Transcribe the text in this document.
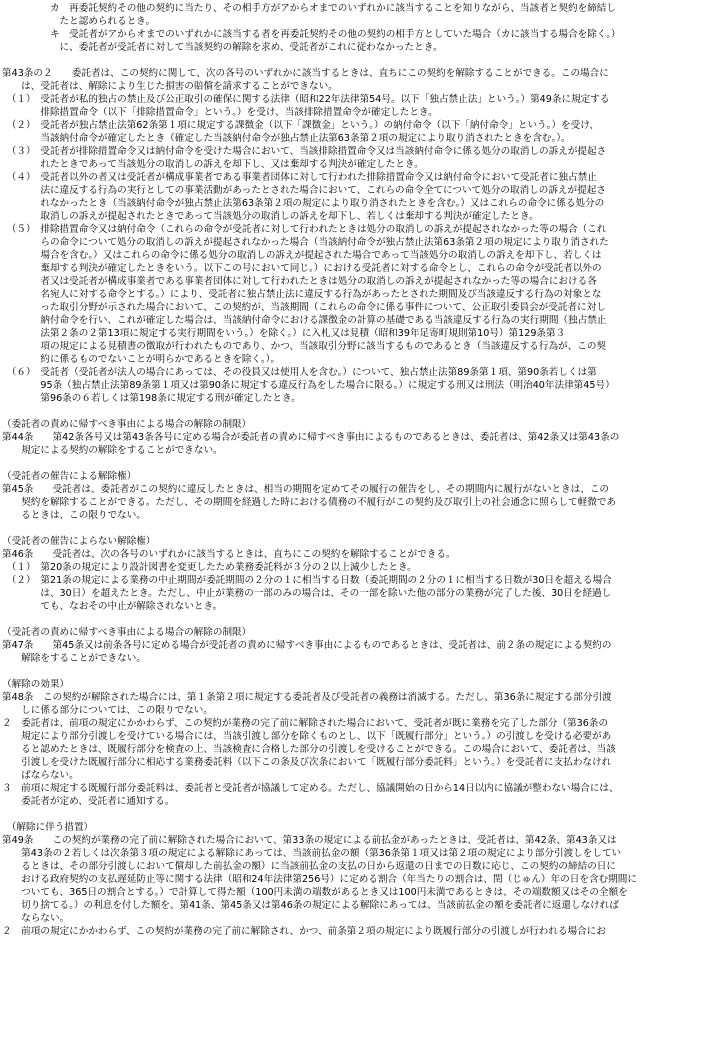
　　　　　カ　再委託契約その他の契約に当たり、その相手方がアからオまでのいずれかに該当することを知りながら、当該者と契約を締結し
　　　　　　たと認められるとき。
　　　　　キ　受託者がアからオまでのいずれかに該当する者を再委託契約その他の契約の相手方としていた場合（カに該当する場合を除く。）
　　　　　　に、委託者が受託者に対して当該契約の解除を求め、受託者がこれに従わなかったとき。
第43条の２　　委託者は、この契約に関して、次の各号のいずれかに該当するときは、直ちにこの契約を解除することができる。この場合に
　　は、受託者は、解除により生じた損害の賠償を請求することができない。
　（１）　受託者が私的独占の禁止及び公正取引の確保に関する法律（昭和22年法律第54号。以下「独占禁止法」という。）第49条に規定する
　　　　排除措置命令（以下「排除措置命令」という。）を受け、当該排除措置命令が確定したとき。
　（２）　受託者が独占禁止法第62条第１項に規定する課徴金（以下「課徴金」という。）の納付命令（以下「納付命令」という。）を受け、
　　　　当該納付命令が確定したとき（確定した当該納付命令が独占禁止法第63条第２項の規定により取り消されたときを含む。）。
　（３）　受託者が排除措置命令又は納付命令を受けた場合において、当該排除措置命令又は当該納付命令に係る処分の取消しの訴えが提起さ
　　　　れたときであって当該処分の取消しの訴えを却下し、又は棄却する判決が確定したとき。
　（４）　受託者以外の者又は受託者が構成事業者である事業者団体に対して行われた排除措置命令又は納付命令において受託者に独占禁止
　　　　法に違反する行為の実行としての事業活動があったとされた場合において、これらの命令全てについて処分の取消しの訴えが提起さ
　　　　れなかったとき（当該納付命令が独占禁止法第63条第２項の規定により取り消されたときを含む。）又はこれらの命令に係る処分の
　　　　取消しの訴えが提起されたときであって当該処分の取消しの訴えを却下し、若しくは棄却する判決が確定したとき。
　（５）　排除措置命令又は納付命令（これらの命令が受託者に対して行われたときは処分の取消しの訴えが提起されなかった等の場合（これ
　　　　らの命令について処分の取消しの訴えが提起されなかった場合（当該納付命令が独占禁止法第63条第２項の規定により取り消された
　　　　場合を含む。）又はこれらの命令に係る処分の取消しの訴えが提起された場合であって当該処分の取消しの訴えを却下し、若しくは
　　　　棄却する判決が確定したときをいう。以下この号において同じ。）における受託者に対する命令とし、これらの命令が受託者以外の
　　　　者又は受託者が構成事業者である事業者団体に対して行われたときは処分の取消しの訴えが提起されなかった等の場合における各
　　　　名宛人に対する命令とする。）により、受託者に独占禁止法に違反する行為があったとされた期間及び当該違反する行為の対象とな
　　　　った取引分野が示された場合において、この契約が、当該期間（これらの命令に係る事件について、公正取引委員会が受託者に対し
　　　　納付命令を行い、これが確定した場合は、当該納付命令における課徴金の計算の基礎である当該違反する行為の実行期間（独占禁止
　　　　法第２条の２第13項に規定する実行期間をいう。）を除く。）に入札又は見積（昭和39年足寄町規則第10号）第129条第３
　　　　項の規定による見積書の徴取が行われたものであり、かつ、当該取引分野に該当するものであるとき（当該違反する行為が、この契
　　　　約に係るものでないことが明らかであるときを除く。）。
　（６）　受託者（受託者が法人の場合にあっては、その役員又は使用人を含む。）について、独占禁止法第89条第１項、第90条若しくは第
　　　　95条（独占禁止法第89条第１項又は第90条に規定する違反行為をした場合に限る。）に規定する刑又は刑法（明治40年法律第45号）
　　　　第96条の６若しくは第198条に規定する刑が確定したとき。
（委託者の責めに帰すべき事由による場合の解除の制限）
第44条　　第42条各号又は第43条各号に定める場合が委託者の責めに帰すべき事由によるものであるときは、委託者は、第42条又は第43条の
　　規定による契約の解除をすることができない。
（受託者の催告による解除権）
第45条　　受託者は、委託者がこの契約に違反したときは、相当の期間を定めてその履行の催告をし、その期間内に履行がないときは、この
　　契約を解除することができる。ただし、その期間を経過した時における債務の不履行がこの契約及び取引上の社会通念に照らして軽微であ
　　るときは、この限りでない。
（受託者の催告によらない解除権）
第46条　　受託者は、次の各号のいずれかに該当するときは、直ちにこの契約を解除することができる。
　（１）　第20条の規定により設計図書を変更したため業務委託料が３分の２以上減少したとき。
　（２）　第21条の規定による業務の中止期間が委託期間の２分の１に相当する日数（委託期間の２分の１に相当する日数が30日を超える場合
　　　　は、30日）を超えたとき。ただし、中止が業務の一部のみの場合は、その一部を除いた他の部分の業務が完了した後、30日を経過し
　　　　ても、なおその中止が解除されないとき。
（受託者の責めに帰すべき事由による場合の解除の制限）
第47条　　第45条又は前条各号に定める場合が受託者の責めに帰すべき事由によるものであるときは、受託者は、前２条の規定による契約の
　　解除をすることができない。
（解除の効果）
第48条　この契約が解除された場合には、第１条第２項に規定する委託者及び受託者の義務は消滅する。ただし、第36条に規定する部分引渡
　　しに係る部分については、この限りでない。
２　委託者は、前項の規定にかかわらず、この契約が業務の完了前に解除された場合において、受託者が既に業務を完了した部分（第36条の
　　規定により部分引渡しを受けている場合には、当該引渡し部分を除くものとし、以下「既履行部分」という。）の引渡しを受ける必要があ
　　ると認めたときは、既履行部分を検査の上、当該検査に合格した部分の引渡しを受けることができる。この場合において、委託者は、当該
　　引渡しを受けた既履行部分に相応する業務委託料（以下この条及び次条において「既履行部分委託料」という。）を受託者に支払わなけれ
　　ばならない。
３　前項に規定する既履行部分委託料は、委託者と受託者が協議して定める。ただし、協議開始の日から14日以内に協議が整わない場合には、
　　委託者が定め、受託者に通知する。
　（解除に伴う措置）
第49条　　この契約が業務の完了前に解除された場合において、第33条の規定による前払金があったときは、受託者は、第42条、第43条又は
　　第43条の２若しくは次条第３項の規定による解除にあっては、当該前払金の額（第36条第１項又は第２項の規定により部分引渡しをしてい
　　るときは、その部分引渡しにおいて償却した前払金の額）に当該前払金の支払の日から返還の日までの日数に応じ、この契約の締結の日に
　　おける政府契約の支払遅延防止等に関する法律（昭和24年法律第256号）に定める割合（年当たりの割合は、閏（じゅん）年の日を含む期間に
　　ついても、365日の割合とする。）で計算して得た額（100円未満の端数があるとき又は100円未満であるときは、その端数額又はその全額を
　　切り捨てる。）の利息を付した額を、第41条、第45条又は第46条の規定による解除にあっては、当該前払金の額を委託者に返還しなければ
　　ならない。
２　前項の規定にかかわらず、この契約が業務の完了前に解除され、かつ、前条第２項の規定により既履行部分の引渡しが行われる場合にお
